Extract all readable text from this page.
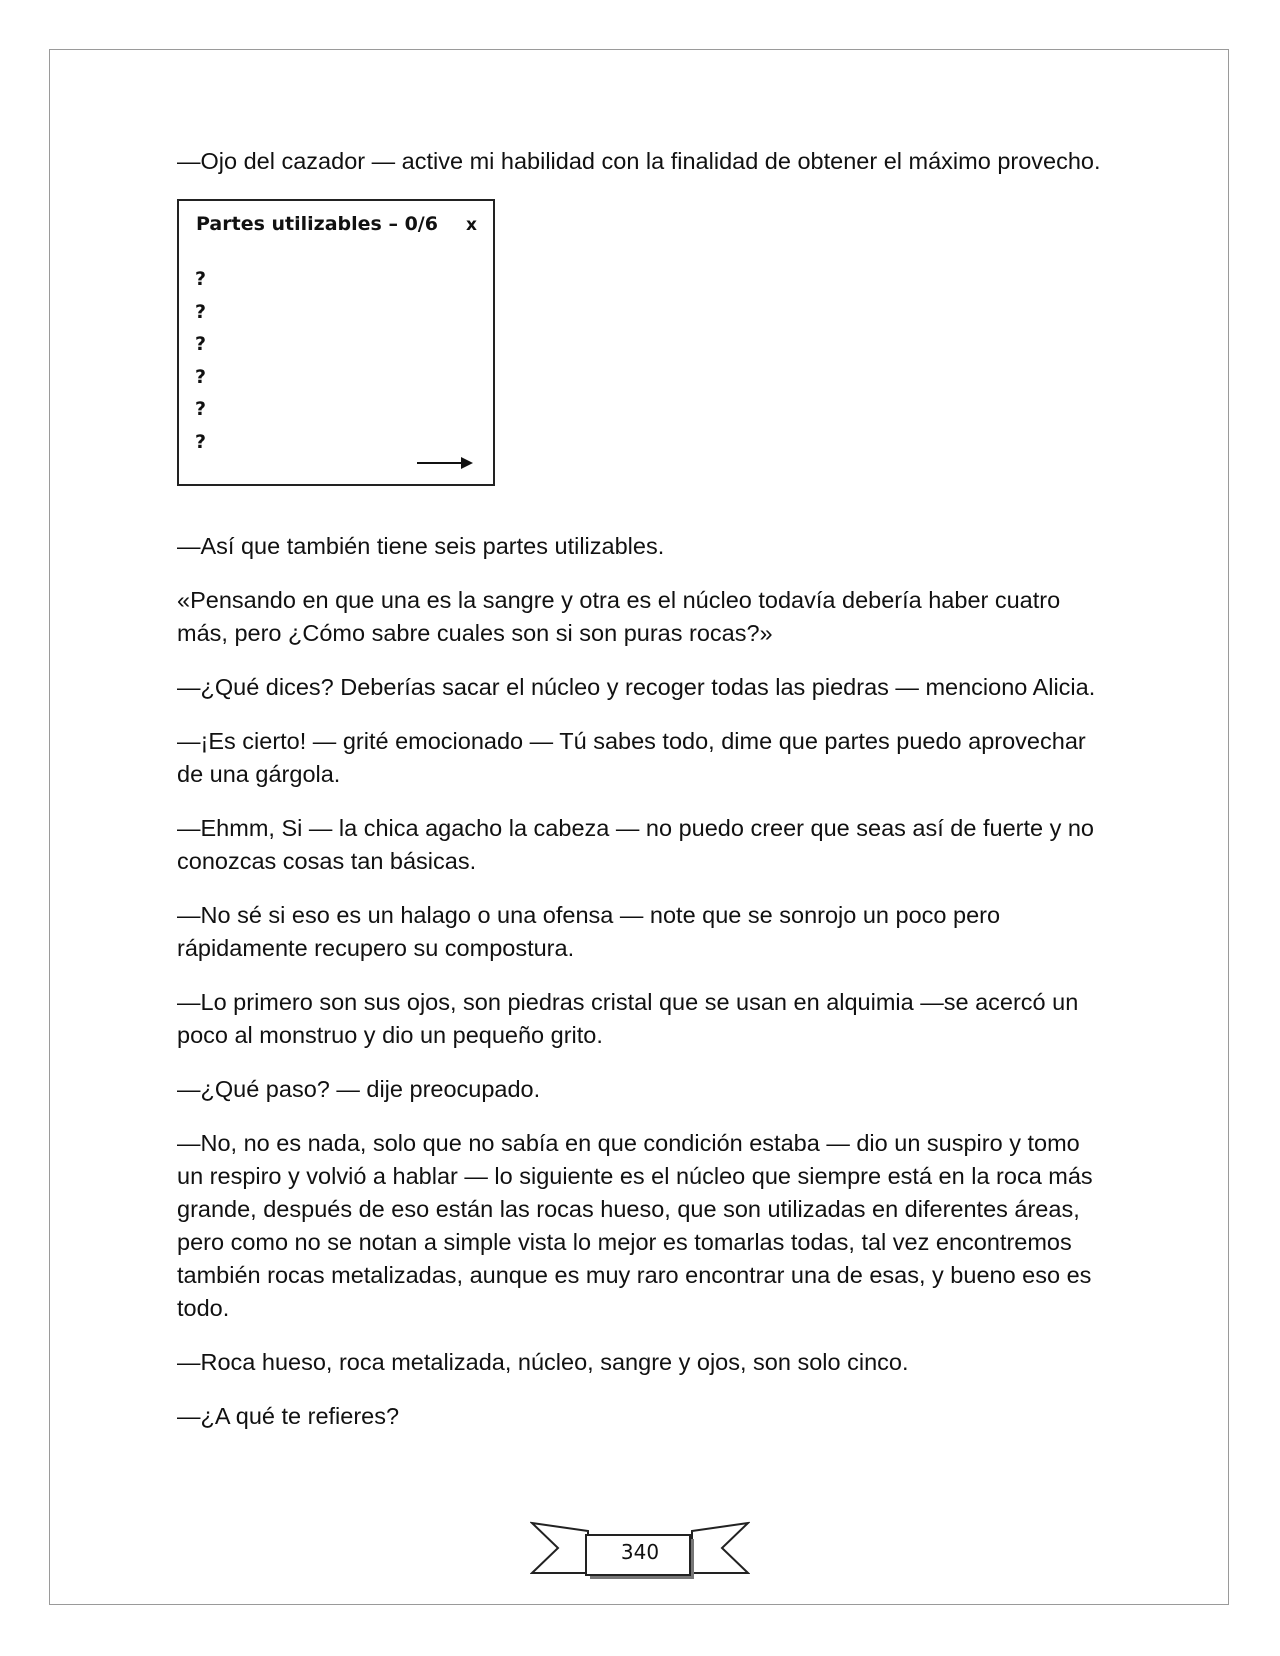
—Ojo del cazador — active mi habilidad con la finalidad de obtener el máximo provecho.

Partes utilizables – 0/6 x
?
?
?
?
?
?

—Así que también tiene seis partes utilizables.

«Pensando en que una es la sangre y otra es el núcleo todavía debería haber cuatro más, pero ¿Cómo sabre cuales son si son puras rocas?»

—¿Qué dices? Deberías sacar el núcleo y recoger todas las piedras — menciono Alicia.

—¡Es cierto! — grité emocionado — Tú sabes todo, dime que partes puedo aprovechar de una gárgola.

—Ehmm, Si — la chica agacho la cabeza — no puedo creer que seas así de fuerte y no conozcas cosas tan básicas.

—No sé si eso es un halago o una ofensa — note que se sonrojo un poco pero rápidamente recupero su compostura.

—Lo primero son sus ojos, son piedras cristal que se usan en alquimia —se acercó un poco al monstruo y dio un pequeño grito.

—¿Qué paso? — dije preocupado.

—No, no es nada, solo que no sabía en que condición estaba — dio un suspiro y tomo un respiro y volvió a hablar — lo siguiente es el núcleo que siempre está en la roca más grande, después de eso están las rocas hueso, que son utilizadas en diferentes áreas, pero como no se notan a simple vista lo mejor es tomarlas todas, tal vez encontremos también rocas metalizadas, aunque es muy raro encontrar una de esas, y bueno eso es todo.

—Roca hueso, roca metalizada, núcleo, sangre y ojos, son solo cinco.

—¿A qué te refieres?

340
